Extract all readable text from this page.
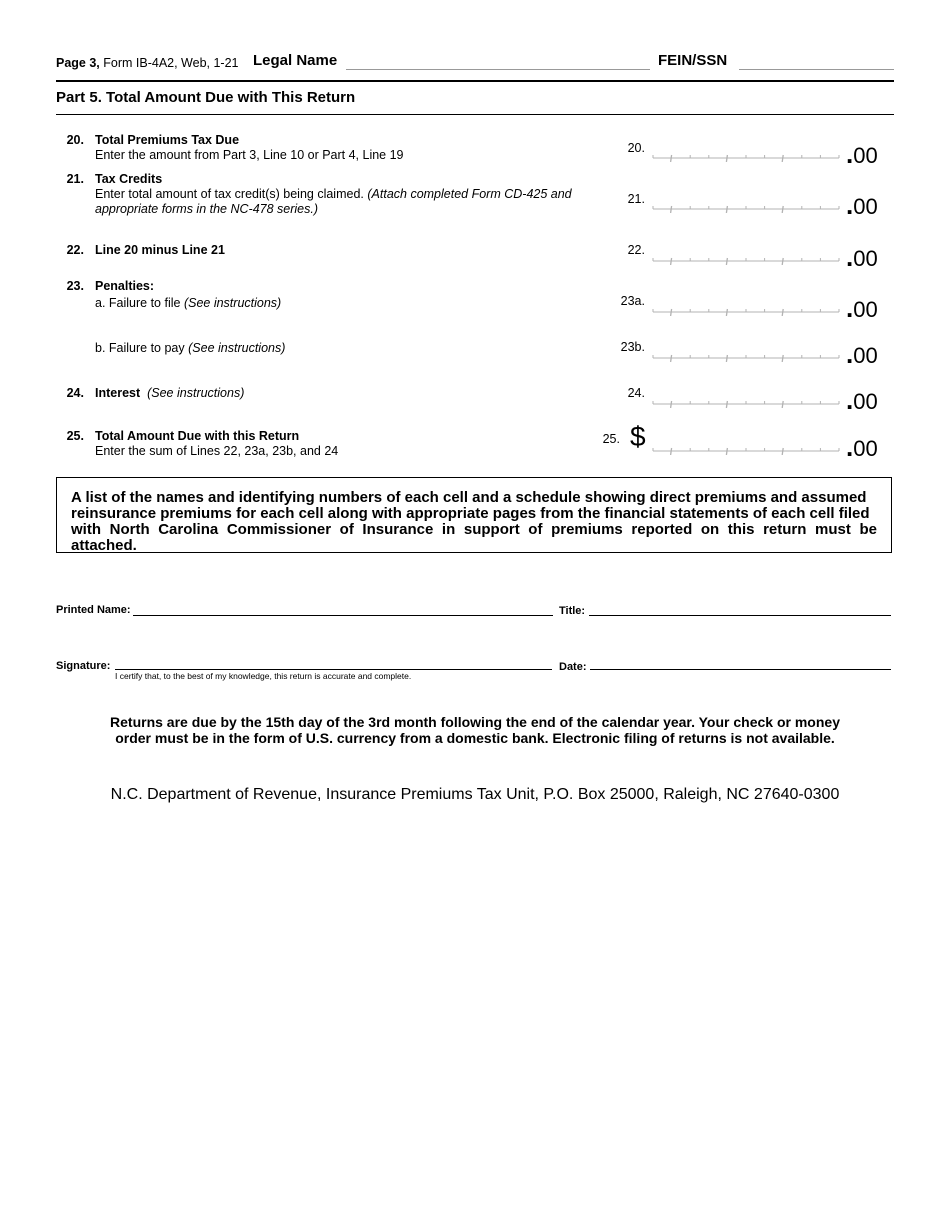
Page 3, Form IB-4A2, Web, 1-21 Legal Name	FEIN/SSN
Part 5. Total Amount Due with This Return
20. Total Premiums Tax Due
Enter the amount from Part 3, Line 10 or Part 4, Line 19	20.	.00
21. Tax Credits
Enter total amount of tax credit(s) being claimed. (Attach completed Form CD-425 and appropriate forms in the NC-478 series.)
21.	.00
22. Line 20 minus Line 21	22.	.00
23. Penalties:
a. Failure to file (See instructions)	23a.	.00
b. Failure to pay (See instructions)	23b.	.00
24. Interest (See instructions)	24.	.00
25. Total Amount Due with this Return
Enter the sum of Lines 22, 23a, 23b, and 24
25. $	.00
A list of the names and identifying numbers of each cell and a schedule showing direct premiums and assumed
reinsurance premiums for each cell along with appropriate pages from the financial statements of each cell filed
with North Carolina Commissioner of Insurance in support of premiums reported on this return must be attached.
Printed Name:	Title:
Signature:	Date:
I certify that, to the best of my knowledge, this return is accurate and complete.
Returns are due by the 15th day of the 3rd month following the end of the calendar year. Your check or money
order must be in the form of U.S. currency from a domestic bank. Electronic filing of returns is not available.
N.C. Department of Revenue, Insurance Premiums Tax Unit, P.O. Box 25000, Raleigh, NC 27640-0300
